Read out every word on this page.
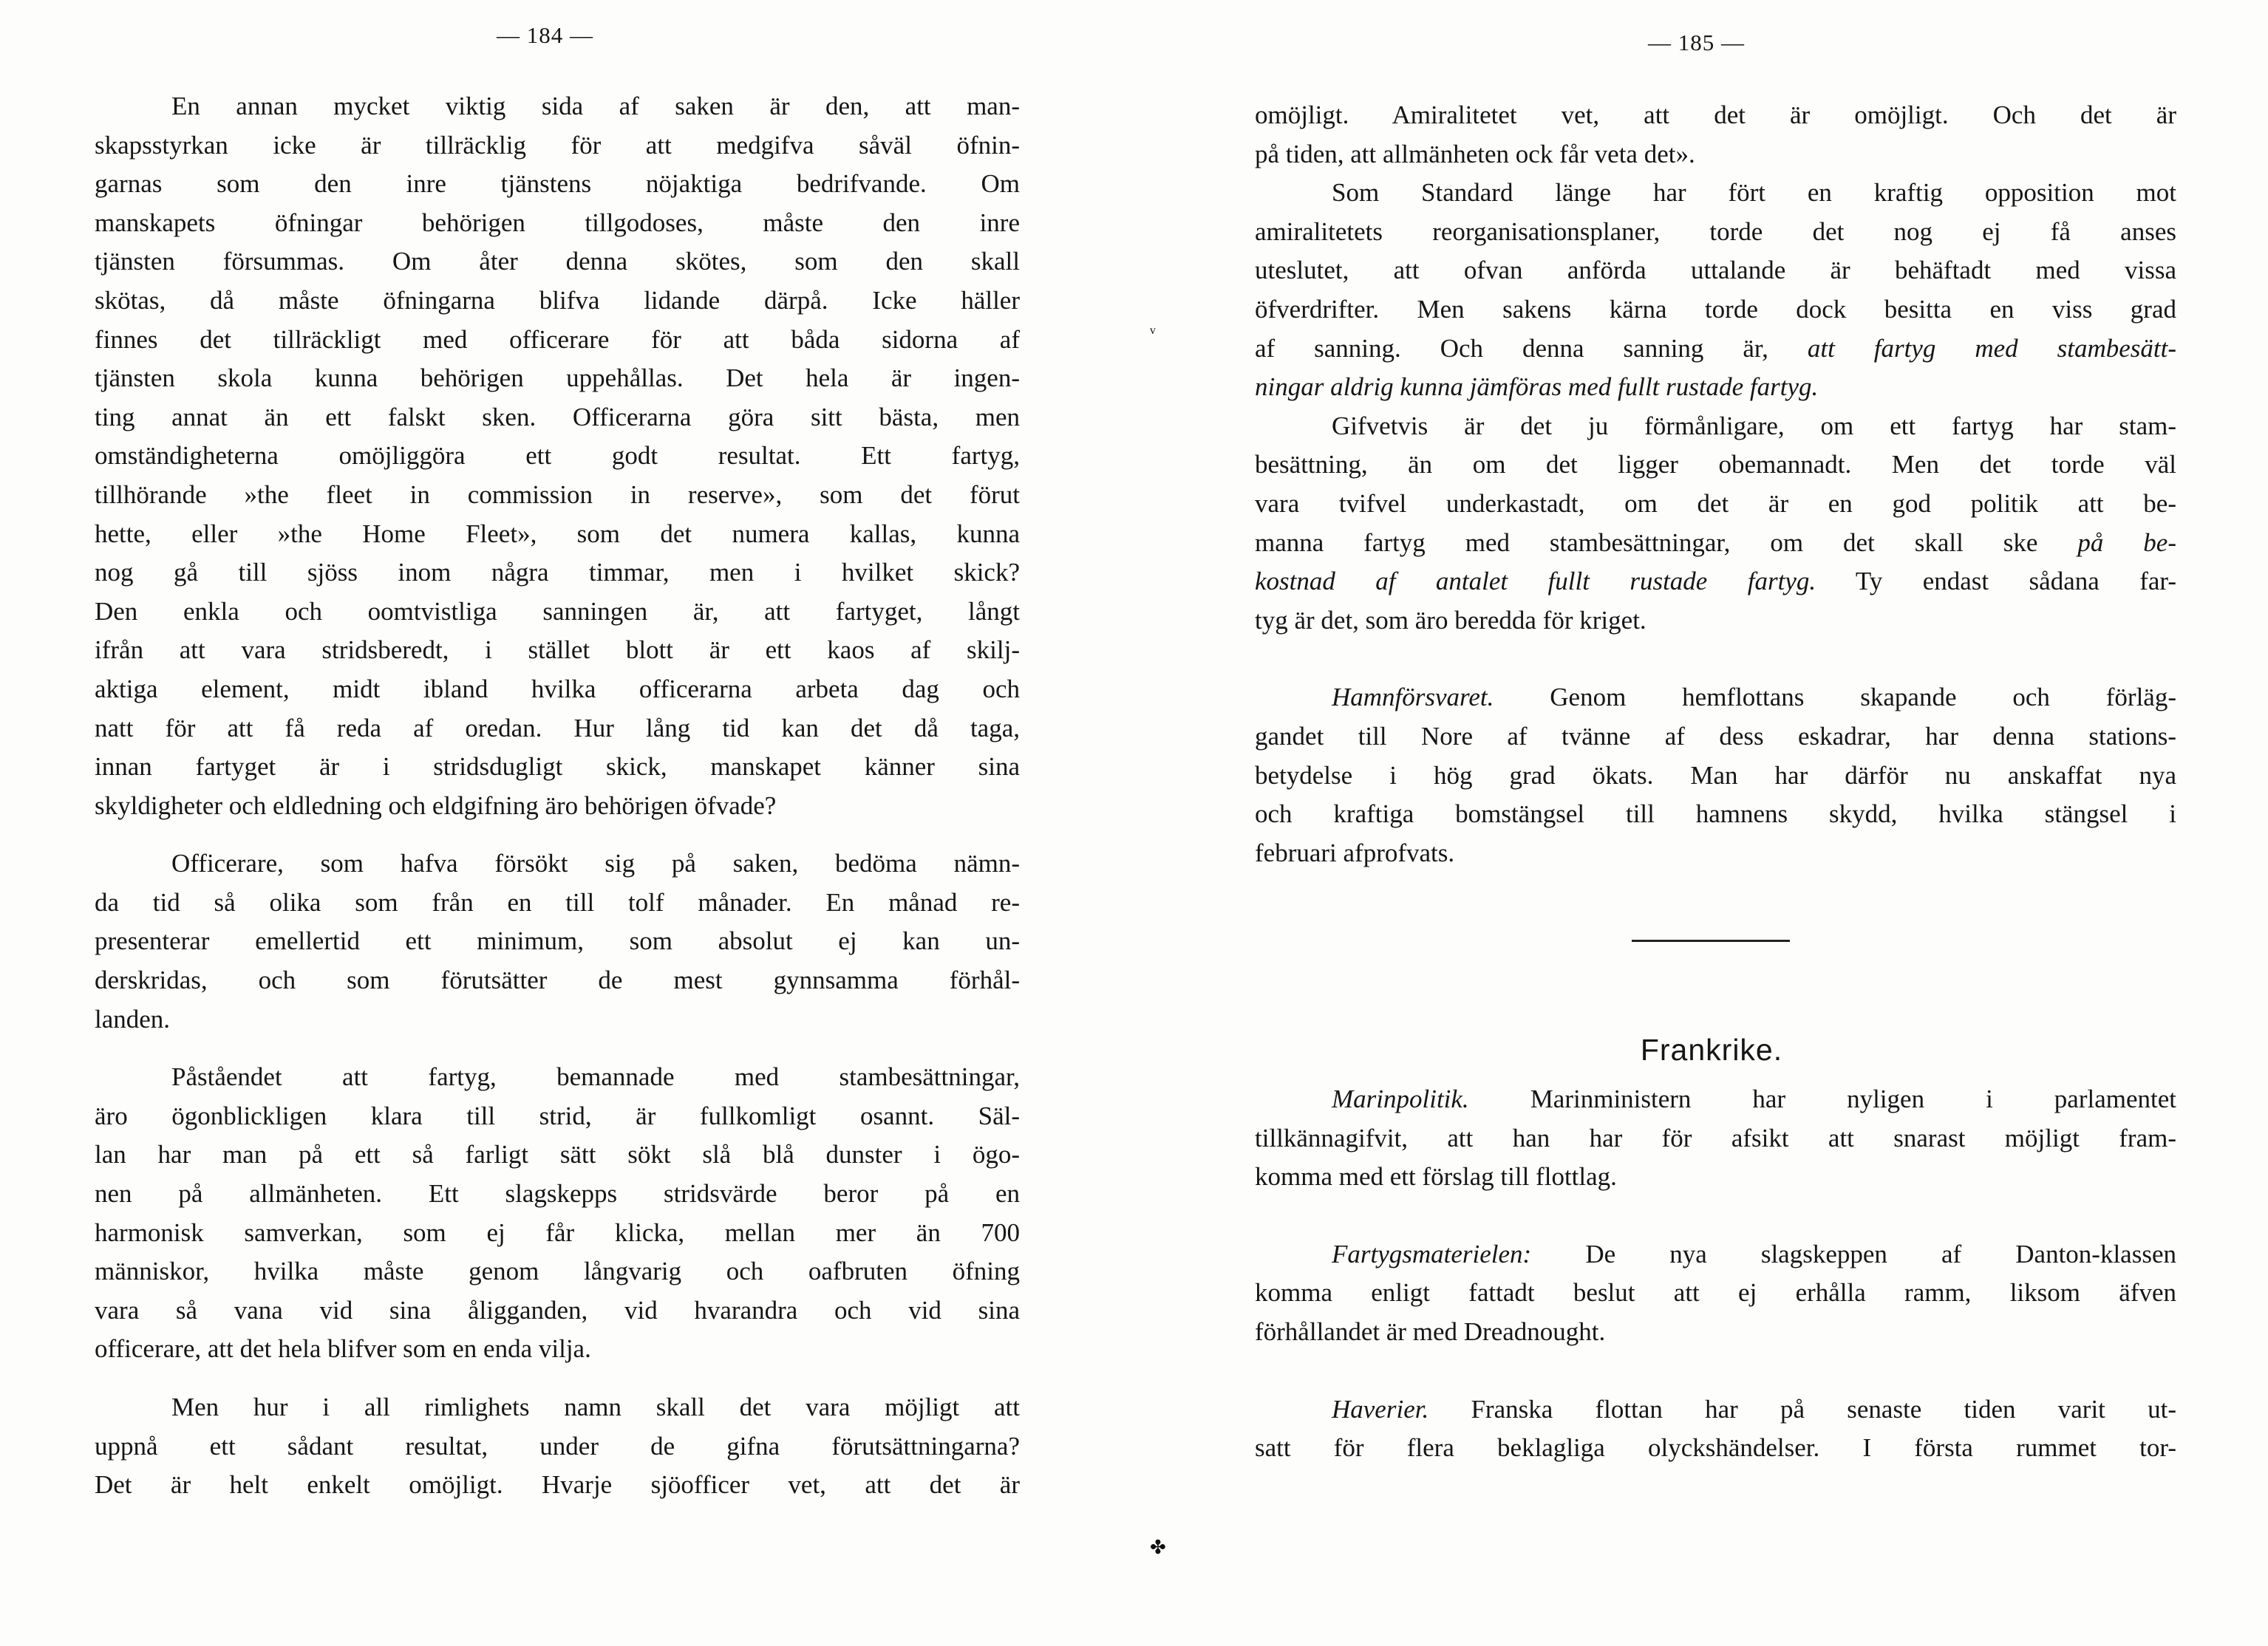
— 184 —
En annan mycket viktig sida af saken är den, att man-
skapsstyrkan icke är tillräcklig för att medgifva såväl öfnin-
garnas som den inre tjänstens nöjaktiga bedrifvande. Om
manskapets öfningar behörigen tillgodoses, måste den inre
tjänsten försummas. Om åter denna skötes, som den skall
skötas, då måste öfningarna blifva lidande därpå. Icke häller
finnes det tillräckligt med officerare för att båda sidorna af
tjänsten skola kunna behörigen uppehållas. Det hela är ingen-
ting annat än ett falskt sken. Officerarna göra sitt bästa, men
omständigheterna omöjliggöra ett godt resultat. Ett fartyg,
tillhörande »the fleet in commission in reserve», som det förut
hette, eller »the Home Fleet», som det numera kallas, kunna
nog gå till sjöss inom några timmar, men i hvilket skick?
Den enkla och oomtvistliga sanningen är, att fartyget, långt
ifrån att vara stridsberedt, i stället blott är ett kaos af skilj-
aktiga element, midt ibland hvilka officerarna arbeta dag och
natt för att få reda af oredan. Hur lång tid kan det då taga,
innan fartyget är i stridsdugligt skick, manskapet känner sina
skyldigheter och eldledning och eldgifning äro behörigen öfvade?
Officerare, som hafva försökt sig på saken, bedöma nämn-
da tid så olika som från en till tolf månader. En månad re-
presenterar emellertid ett minimum, som absolut ej kan un-
derskridas, och som förutsätter de mest gynnsamma förhål-
landen.
Påståendet att fartyg, bemannade med stambesättningar,
äro ögonblickligen klara till strid, är fullkomligt osannt. Säl-
lan har man på ett så farligt sätt sökt slå blå dunster i ögo-
nen på allmänheten. Ett slagskepps stridsvärde beror på en
harmonisk samverkan, som ej får klicka, mellan mer än 700
människor, hvilka måste genom långvarig och oafbruten öfning
vara så vana vid sina åligganden, vid hvarandra och vid sina
officerare, att det hela blifver som en enda vilja.
Men hur i all rimlighets namn skall det vara möjligt att
uppnå ett sådant resultat, under de gifna förutsättningarna?
Det är helt enkelt omöjligt. Hvarje sjöofficer vet, att det är
ᵛ
✤
— 185 —
omöjligt. Amiralitetet vet, att det är omöjligt. Och det är
på tiden, att allmänheten ock får veta det».
Som Standard länge har fört en kraftig opposition mot
amiralitetets reorganisationsplaner, torde det nog ej få anses
uteslutet, att ofvan anförda uttalande är behäftadt med vissa
öfverdrifter. Men sakens kärna torde dock besitta en viss grad
af sanning. Och denna sanning är, att fartyg med stambesätt-
ningar aldrig kunna jämföras med fullt rustade fartyg.
Gifvetvis är det ju förmånligare, om ett fartyg har stam-
besättning, än om det ligger obemannadt. Men det torde väl
vara tvifvel underkastadt, om det är en god politik att be-
manna fartyg med stambesättningar, om det skall ske på be-
kostnad af antalet fullt rustade fartyg. Ty endast sådana far-
tyg är det, som äro beredda för kriget.
Hamnförsvaret. Genom hemflottans skapande och förläg-
gandet till Nore af tvänne af dess eskadrar, har denna stations-
betydelse i hög grad ökats. Man har därför nu anskaffat nya
och kraftiga bomstängsel till hamnens skydd, hvilka stängsel i
februari afprofvats.
Marinpolitik. Marinministern har nyligen i parlamentet
tillkännagifvit, att han har för afsikt att snarast möjligt fram-
komma med ett förslag till flottlag.
Fartygsmaterielen: De nya slagskeppen af Danton-klassen
komma enligt fattadt beslut att ej erhålla ramm, liksom äfven
förhållandet är med Dreadnought.
Haverier. Franska flottan har på senaste tiden varit ut-
satt för flera beklagliga olyckshändelser. I första rummet tor-
Frankrike.
